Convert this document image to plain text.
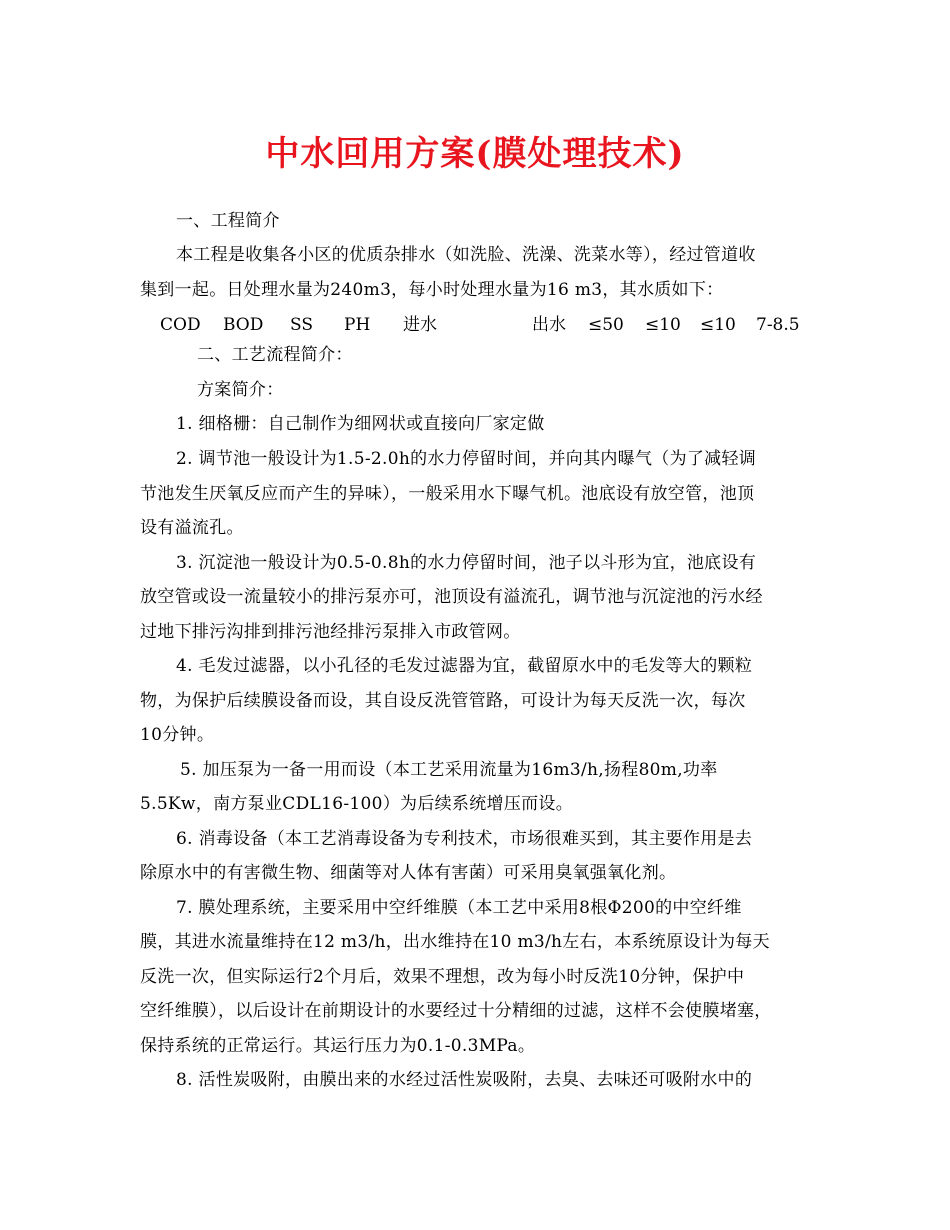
中水回用方案(膜处理技术)

一、工程简介

本工程是收集各小区的优质杂排水（如洗脸、洗澡、洗菜水等），经过管道收

集到一起。日处理水量为240m3，每小时处理水量为16 m3，其水质如下：

COD BOD SS PH 进水	出水 ≤50 ≤10 ≤10 7-8.5

二、工艺流程简介：

方案简介：

1. 细格栅：自己制作为细网状或直接向厂家定做

2. 调节池一般设计为1.5-2.0h的水力停留时间，并向其内曝气（为了减轻调

节池发生厌氧反应而产生的异味），一般采用水下曝气机。池底设有放空管，池顶

设有溢流孔。

3. 沉淀池一般设计为0.5-0.8h的水力停留时间，池子以斗形为宜，池底设有

放空管或设一流量较小的排污泵亦可，池顶设有溢流孔，调节池与沉淀池的污水经

过地下排污沟排到排污池经排污泵排入市政管网。

4. 毛发过滤器，以小孔径的毛发过滤器为宜，截留原水中的毛发等大的颗粒

物，为保护后续膜设备而设，其自设反洗管管路，可设计为每天反洗一次，每次

10分钟。

5. 加压泵为一备一用而设（本工艺采用流量为16m3/h,扬程80m,功率

5.5Kw，南方泵业CDL16-100）为后续系统增压而设。

6. 消毒设备（本工艺消毒设备为专利技术，市场很难买到，其主要作用是去

除原水中的有害微生物、细菌等对人体有害菌）可采用臭氧强氧化剂。

7. 膜处理系统，主要采用中空纤维膜（本工艺中采用8根Φ200的中空纤维

膜，其进水流量维持在12 m3/h，出水维持在10 m3/h左右，本系统原设计为每天

反洗一次，但实际运行2个月后，效果不理想，改为每小时反洗10分钟，保护中

空纤维膜），以后设计在前期设计的水要经过十分精细的过滤，这样不会使膜堵塞，

保持系统的正常运行。其运行压力为0.1-0.3MPa。

8. 活性炭吸附，由膜出来的水经过活性炭吸附，去臭、去味还可吸附水中的
